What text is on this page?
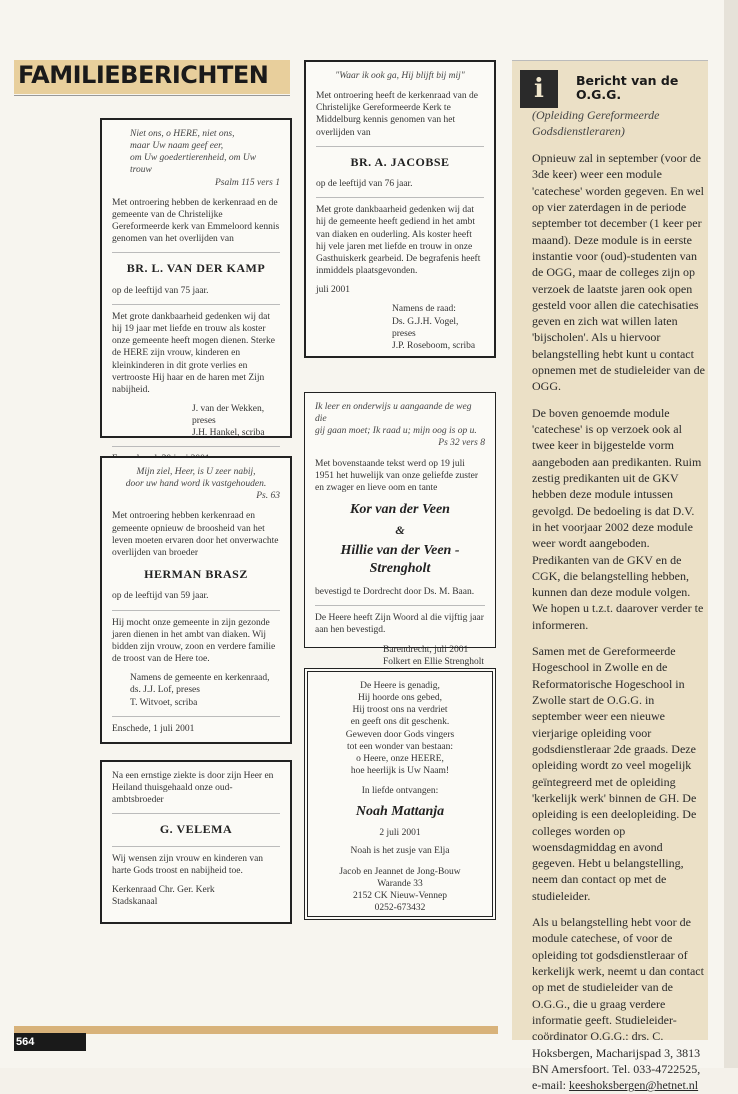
FAMILIEBERICHTEN
Niet ons, o HERE, niet ons,
maar Uw naam geef eer,
om Uw goedertierenheid, om Uw trouw
Psalm 115 vers 1

Met ontroering hebben de kerkenraad en de gemeente van de Christelijke Gereformeerde kerk van Emmeloord kennis genomen van het overlijden van

BR. L. VAN DER KAMP

op de leeftijd van 75 jaar.

Met grote dankbaarheid gedenken wij dat hij 19 jaar met liefde en trouw als koster onze gemeente heeft mogen dienen. Sterke de HERE zijn vrouw, kinderen en kleinkinderen in dit grote verlies en vertrooste Hij haar en de haren met Zijn nabijheid.

J. van der Wekken, preses
J.H. Hankel, scriba
Mijn ziel, Heer, is U zeer nabij,
door uw hand word ik vastgehouden.
Ps. 63

Met ontroering hebben kerkenraad en gemeente opnieuw de broosheid van het leven moeten ervaren door het onverwachte overlijden van broeder

HERMAN BRASZ

op de leeftijd van 59 jaar.

Hij mocht onze gemeente in zijn gezonde jaren dienen in het ambt van diaken. Wij bidden zijn vrouw, zoon en verdere familie de troost van de Here toe.

Namens de gemeente en kerkenraad,
ds. J.J. Lof, preses
T. Witvoet, scriba
Enschede, 1 juli 2001

Na een ernstige ziekte is door zijn Heer en Heiland thuisgehaald onze oud-ambtsbroeder

G. VELEMA

Wij wensen zijn vrouw en kinderen van harte Gods troost en nabijheid toe.

Kerkenraad Chr. Ger. Kerk
Stadskanaal
"Waar ik ook ga, Hij blijft bij mij"

Met ontroering heeft de kerkenraad van de Christelijke Gereformeerde Kerk te Middelburg kennis genomen van het overlijden van

BR. A. JACOBSE

op de leeftijd van 76 jaar.

Met grote dankbaarheid gedenken wij dat hij de gemeente heeft gediend in het ambt van diaken en ouderling. Als koster heeft hij vele jaren met liefde en trouw in onze Gasthuiskerk gearbeid. De begrafenis heeft inmiddels plaatsgevonden.

juli 2001

Namens de raad:
Ds. G.J.H. Vogel, preses
J.P. Roseboom, scriba
Ik leer en onderwijs u aangaande de weg die
gij gaan moet; Ik raad u; mijn oog is op u.
Ps 32 vers 8

Met bovenstaande tekst werd op 19 juli 1951 het huwelijk van onze geliefde zuster en zwager en lieve oom en tante

Kor van der Veen
&
Hillie van der Veen - Strengholt

bevestigd te Dordrecht door Ds. M. Baan.

De Heere heeft Zijn Woord al die vijftig jaar aan hen bevestigd.

Barendrecht, juli 2001
Folkert en Ellie Strengholt
De Heere is genadig,
Hij hoorde ons gebed,
Hij troost ons na verdriet
en geeft ons dit geschenk.
Geweven door Gods vingers
tot een wonder van bestaan:
o Heere, onze HEERE,
hoe heerlijk is Uw Naam!
In liefde ontvangen:
Noah Mattanja
2 juli 2001
Noah is het zusje van Elja
Jacob en Jeannet de Jong-Bouw
Warande 33
2152 CK Nieuw-Vennep
0252-673432
i	Bericht van de O.G.G.
(Opleiding Gereformeerde Godsdienstleraren)

Opnieuw zal in september (voor de 3de keer) weer een module 'catechese' worden gegeven. En wel op vier zaterdagen in de periode september tot december (1 keer per maand). Deze module is in eerste instantie voor (oud)-studenten van de OGG, maar de colleges zijn op verzoek de laatste jaren ook open gesteld voor allen die catechisaties geven en zich wat willen laten 'bijscholen'. Als u hiervoor belangstelling hebt kunt u contact opnemen met de studieleider van de OGG.

De boven genoemde module 'catechese' is op verzoek ook al twee keer in bijgestelde vorm aangeboden aan predikanten. Ruim zestig predikanten uit de GKV hebben deze module intussen gevolgd. De bedoeling is dat D.V. in het voorjaar 2002 deze module weer wordt aangeboden. Predikanten van de GKV en de CGK, die belangstelling hebben, kunnen dan deze module volgen. We hopen u t.z.t. daarover verder te informeren.

Samen met de Gereformeerde Hogeschool in Zwolle en de Reformatorische Hogeschool in Zwolle start de O.G.G. in september weer een nieuwe vierjarige opleiding voor godsdienstleraar 2de graads. Deze opleiding wordt zo veel mogelijk geïntegreerd met de opleiding 'kerkelijk werk' binnen de GH. De opleiding is een deelopleiding. De colleges worden op woensdagmiddag en avond gegeven. Hebt u belangstelling, neem dan contact op met de studieleider.

Als u belangstelling hebt voor de module catechese, of voor de opleiding tot godsdienstleraar of kerkelijk werk, neemt u dan contact op met de studieleider van de O.G.G., die u graag verdere informatie geeft. Studieleider-coördinator O.G.G.: drs. C. Hoksbergen, Macharijspad 3, 3813 BN Amersfoort. Tel. 033-4722525, e-mail: keeshoksbergen@hetnet.nl

564
